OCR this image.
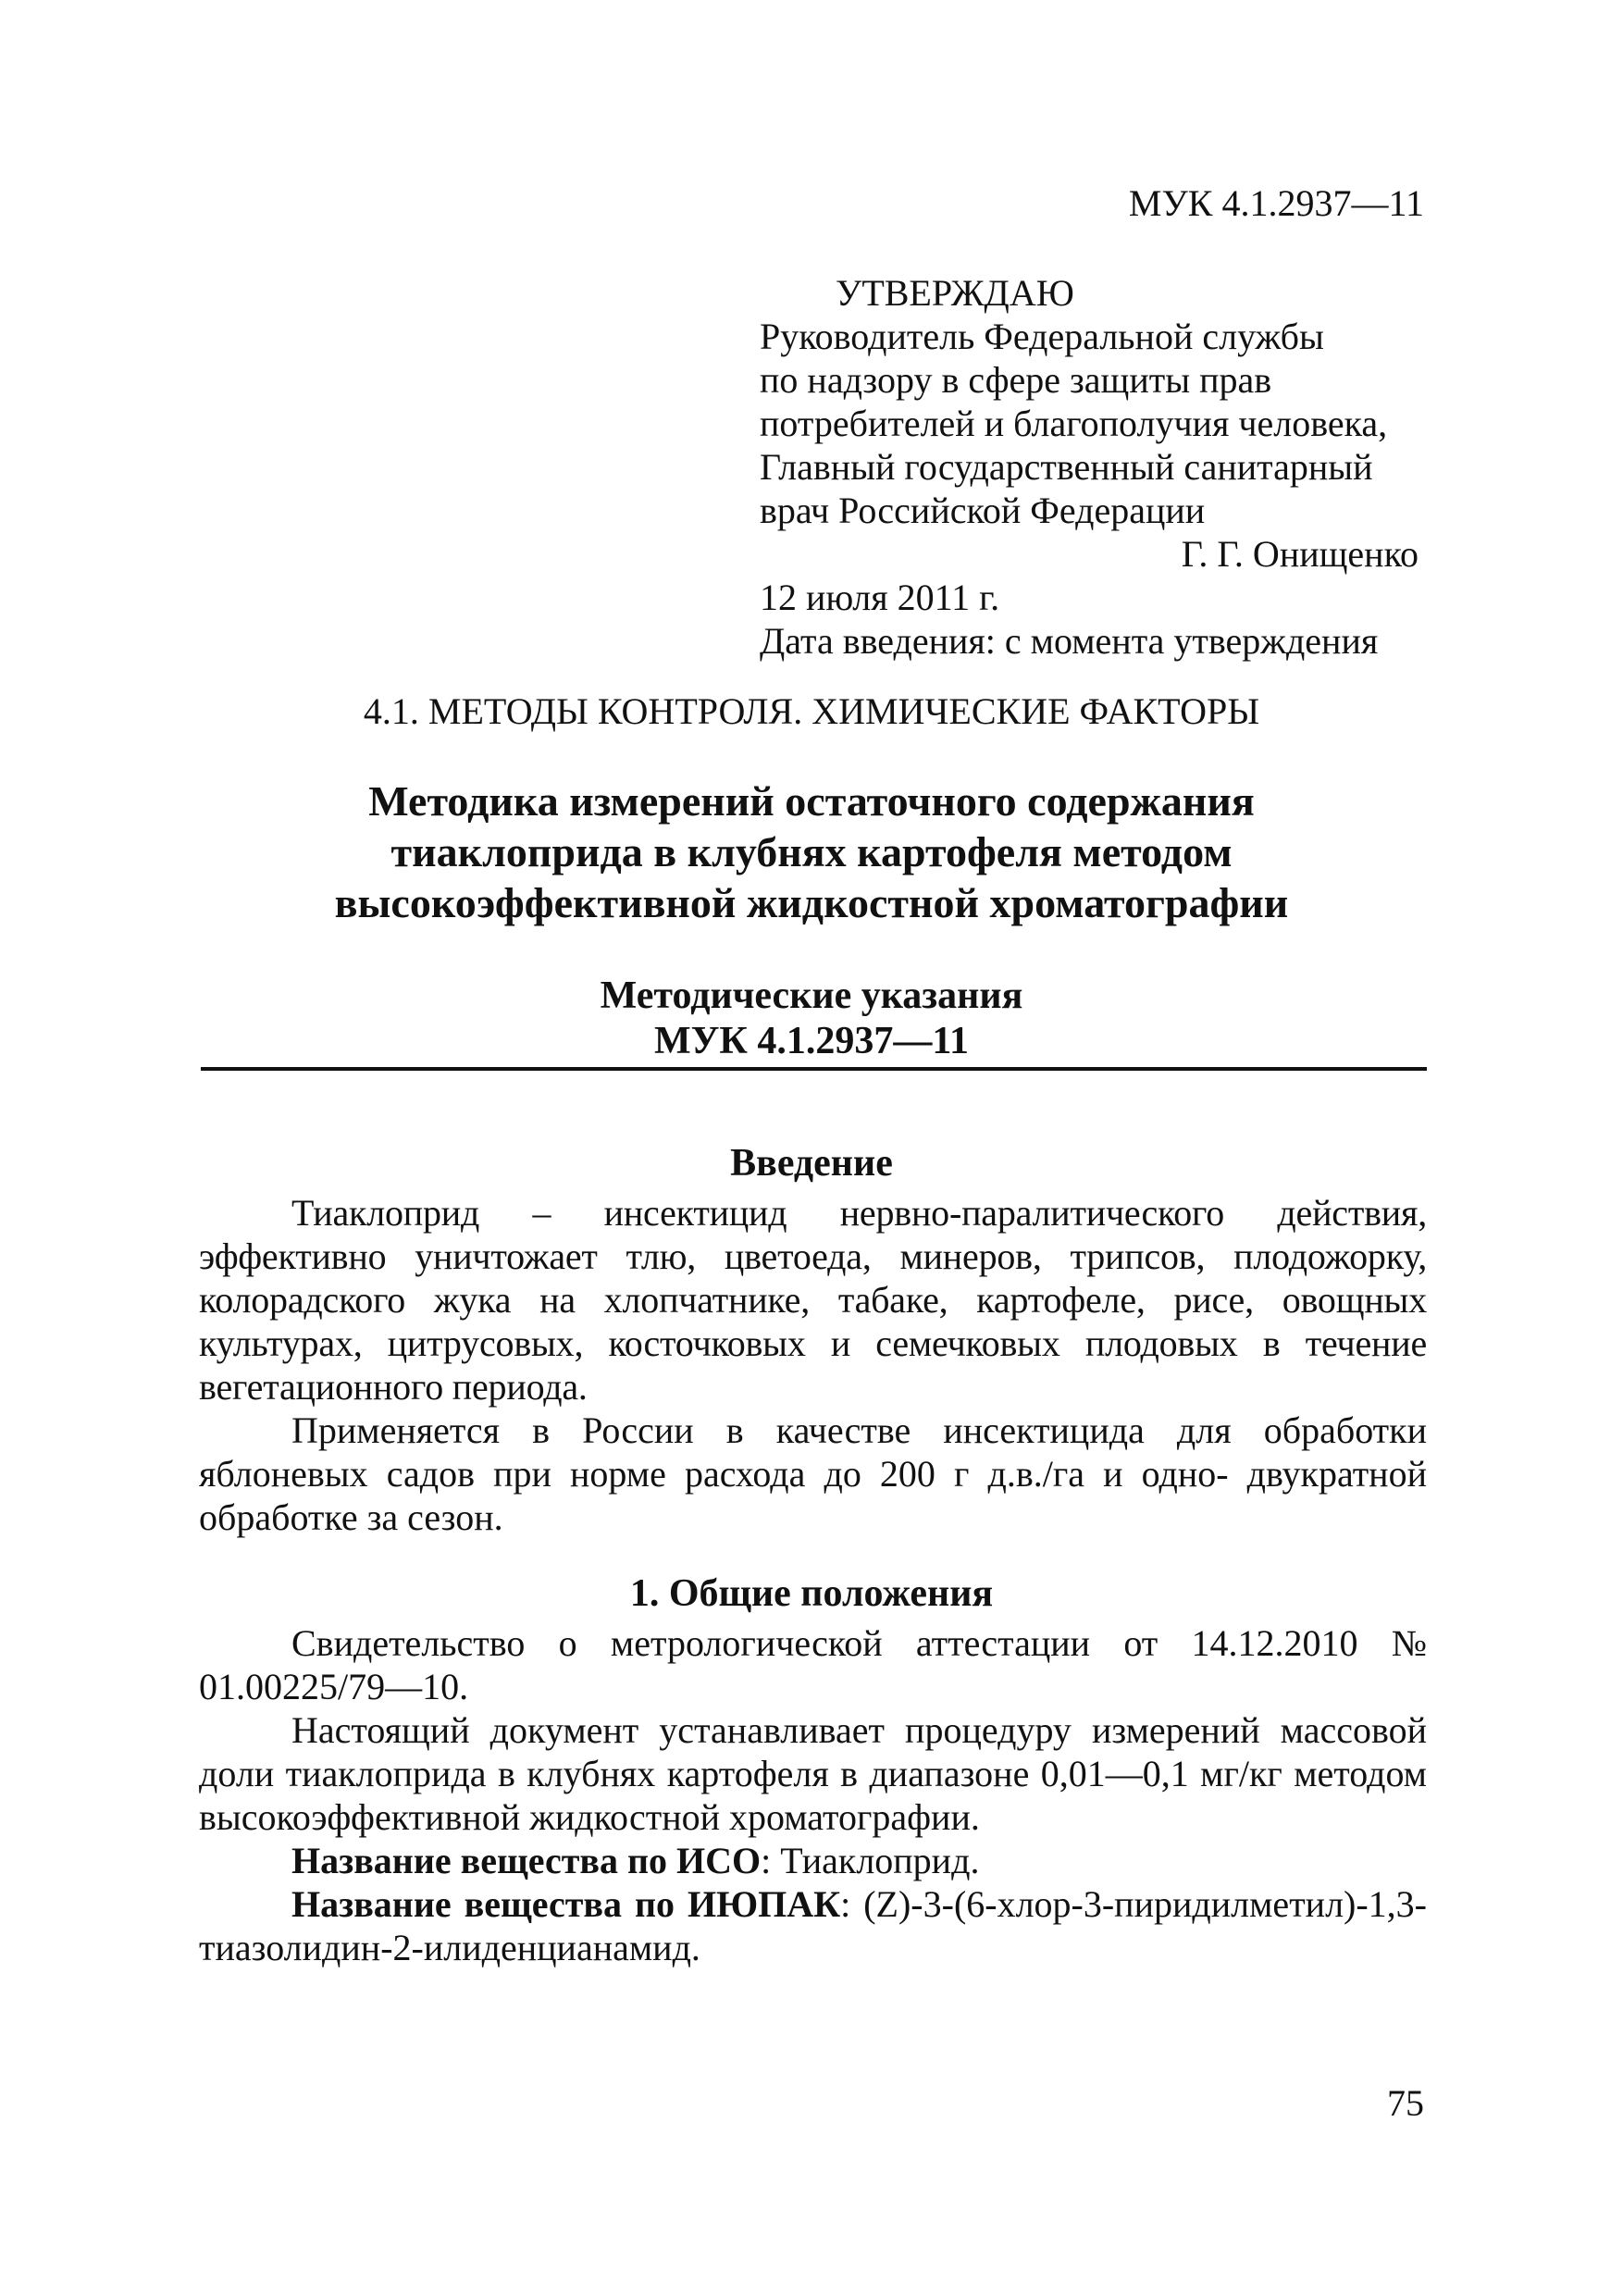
МУК 4.1.2937—11
УТВЕРЖДАЮ
Руководитель Федеральной службы
по надзору в сфере защиты прав
потребителей и благополучия человека,
Главный государственный санитарный
врач Российской Федерации
Г. Г. Онищенко
12 июля 2011 г.
Дата введения: с момента утверждения
4.1. МЕТОДЫ КОНТРОЛЯ. ХИМИЧЕСКИЕ ФАКТОРЫ
Методика измерений остаточного содержания
тиаклоприда в клубнях картофеля методом
высокоэффективной жидкостной хроматографии
Методические указания
МУК 4.1.2937—11
Введение

Тиаклоприд – инсектицид нервно-паралитического действия, эффективно уничтожает тлю, цветоеда, минеров, трипсов, плодожорку, колорадского жука на хлопчатнике, табаке, картофеле, рисе, овощных культурах, цитрусовых, косточковых и семечковых плодовых в течение вегетационного периода.

Применяется в России в качестве инсектицида для обработки яблоневых садов при норме расхода до 200 г д.в./га и одно- двукратной обработке за сезон.

1. Общие положения

Свидетельство о метрологической аттестации от 14.12.2010 № 01.00225/79—10.

Настоящий документ устанавливает процедуру измерений массовой доли тиаклоприда в клубнях картофеля в диапазоне 0,01—0,1 мг/кг методом высокоэффективной жидкостной хроматографии.

Название вещества по ИСО: Тиаклоприд.

Название вещества по ИЮПАК: (Z)-3-(6-хлор-3-пиридилметил)-1,3-тиазолидин-2-илиденцианамид.

75
